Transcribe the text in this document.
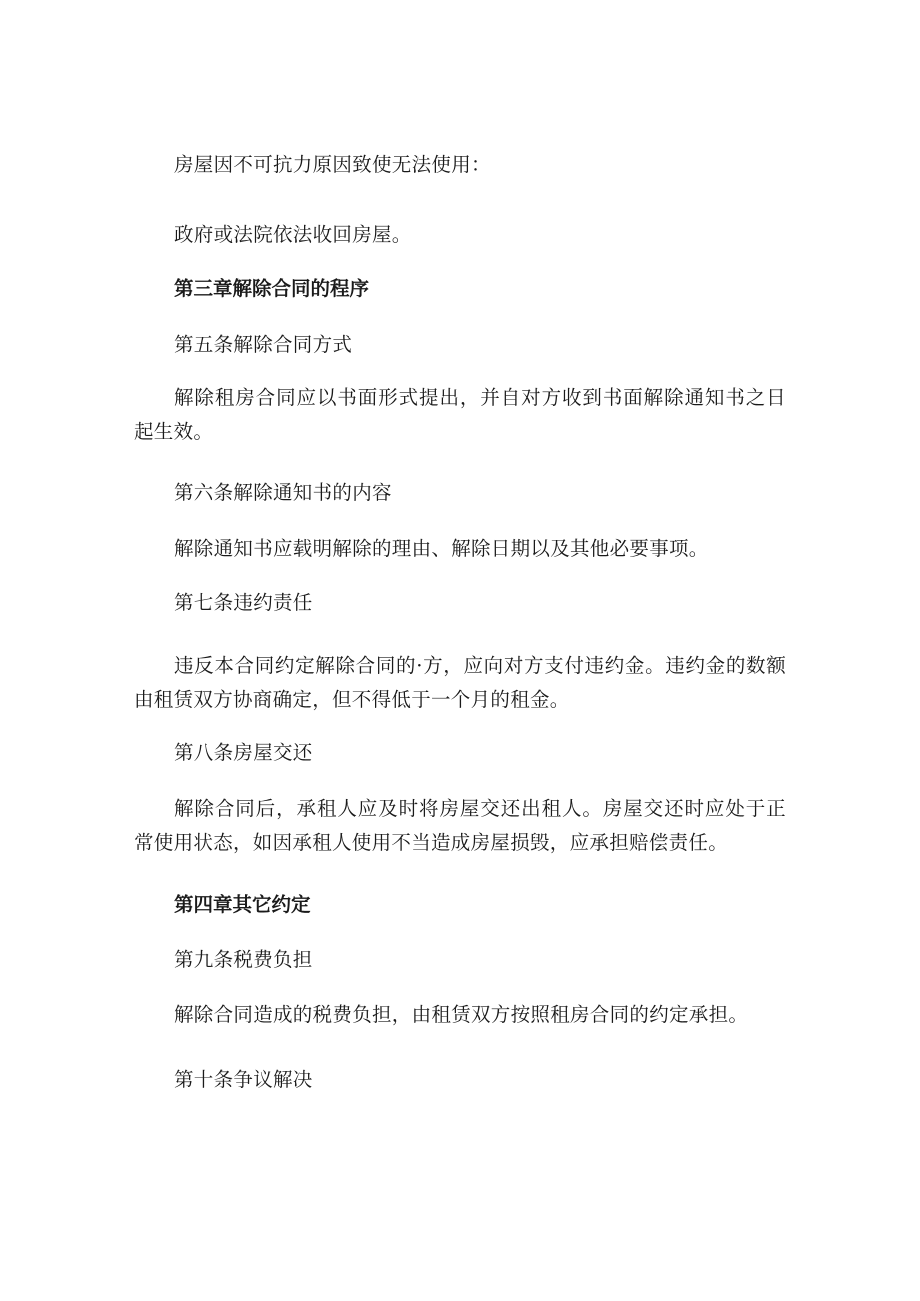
房屋因不可抗力原因致使无法使用：
政府或法院依法收回房屋。
第三章解除合同的程序
第五条解除合同方式
解除租房合同应以书面形式提出，并自对方收到书面解除通知书之日起生效。
第六条解除通知书的内容
解除通知书应载明解除的理由、解除日期以及其他必要事项。
第七条违约责任
违反本合同约定解除合同的·方，应向对方支付违约金。违约金的数额由租赁双方协商确定，但不得低于一个月的租金。
第八条房屋交还
解除合同后，承租人应及时将房屋交还出租人。房屋交还时应处于正常使用状态，如因承租人使用不当造成房屋损毁，应承担赔偿责任。
第四章其它约定
第九条税费负担
解除合同造成的税费负担，由租赁双方按照租房合同的约定承担。
第十条争议解决
